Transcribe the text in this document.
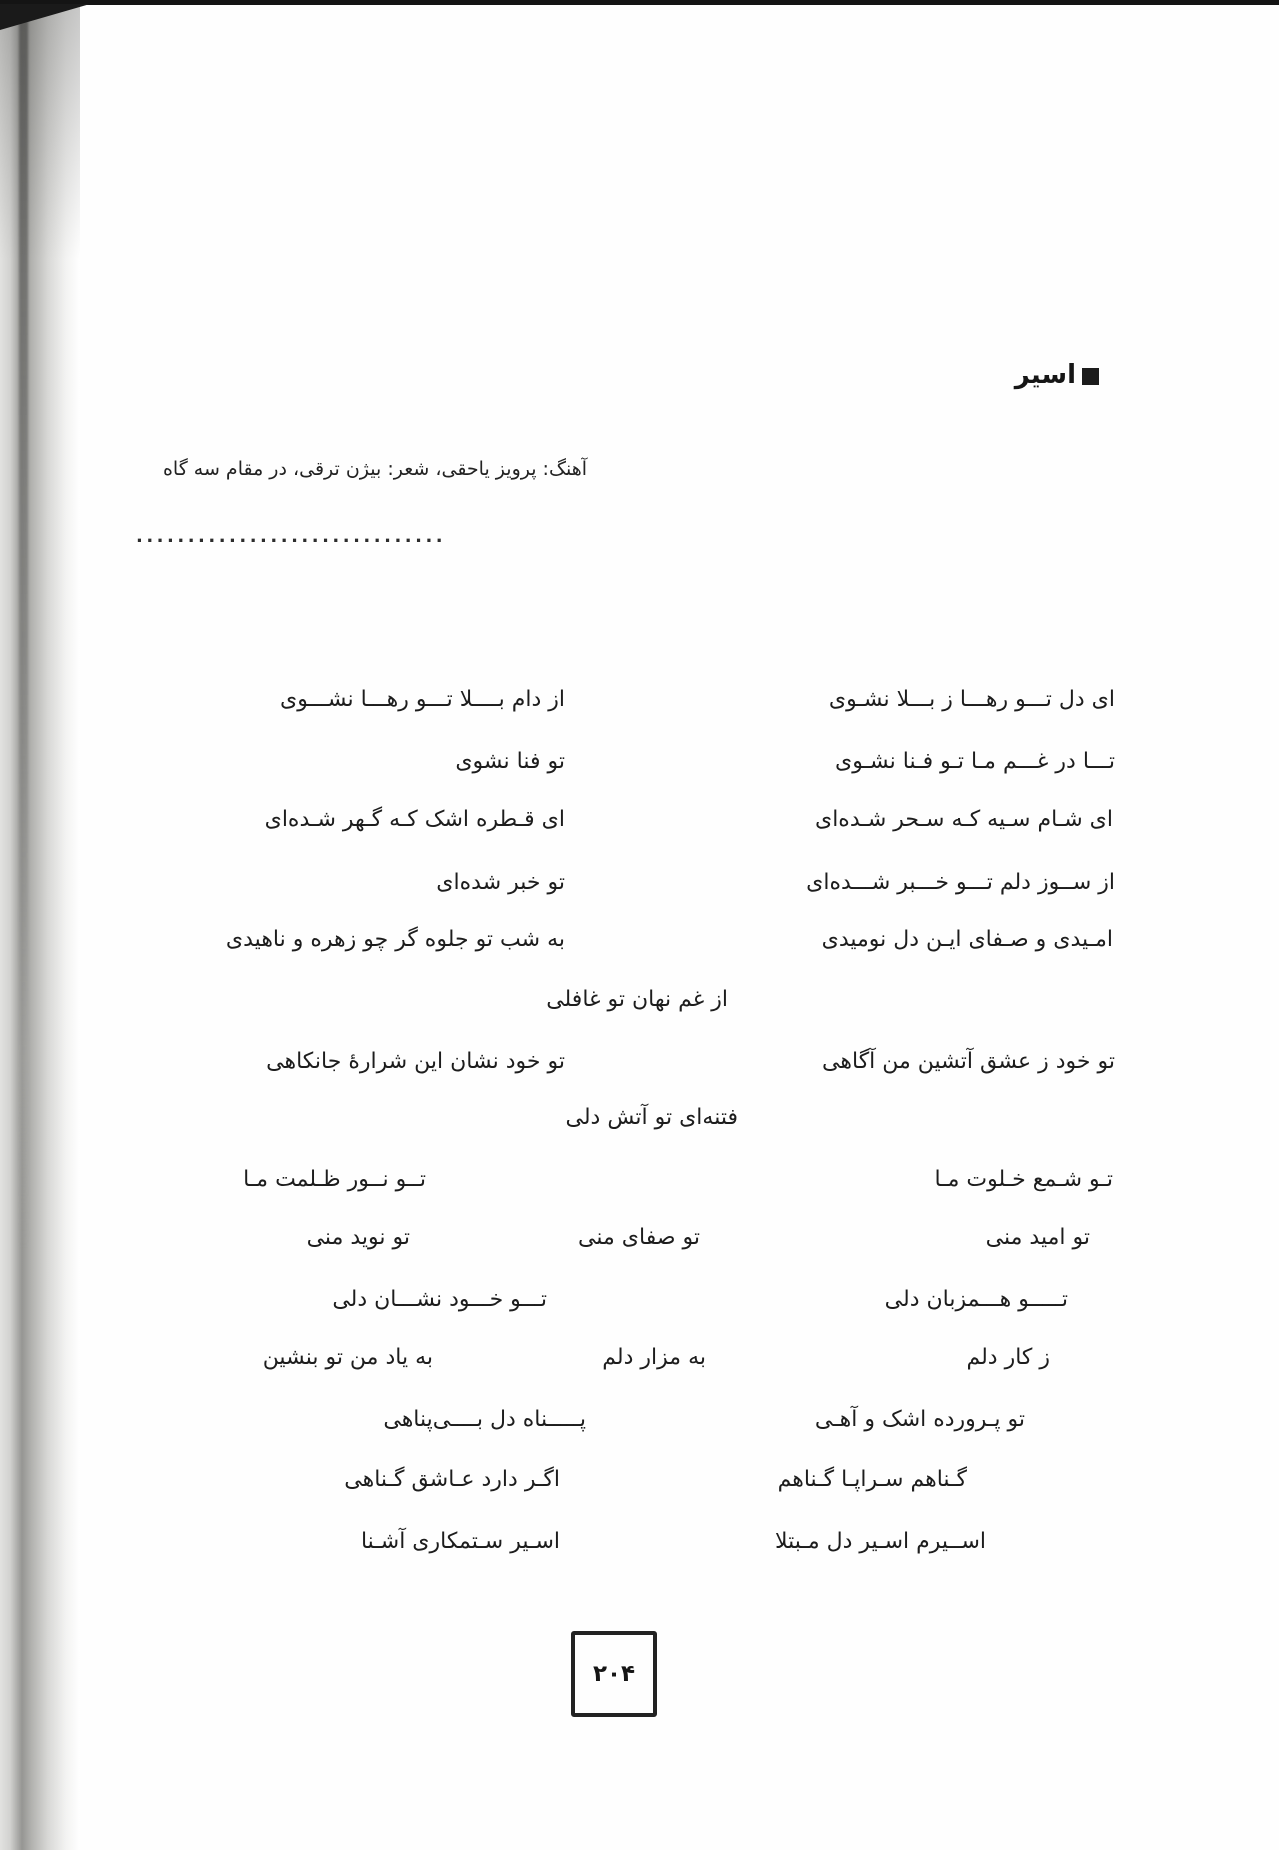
اسیر
آهنگ: پرویز یاحقی، شعر: بیژن ترقی، در مقام سه گاه
..............................
ای دل تـــو رهـــا ز بـــلا نشـوی
از دام بــــلا تـــو رهـــا نشـــوی
تـــا در غـــم مـا تـو فـنا نشـوی
تو فنا نشوی
ای شـام سـیه کـه سـحر شـده‌ای
ای قـطره اشک کـه گـهر شـده‌ای
از ســوز دلم تـــو خـــبر شـــده‌ای
تو خبر شده‌ای
امـیدی و صـفای ایـن دل نومیدی
به شب تو جلوه گر چو زهره و ناهیدی
از غم نهان تو غافلی
تو خود ز عشق آتشین من آگاهی
تو خود نشان این شرارهٔ جانکاهی
فتنه‌ای تو آتش دلی
تـو شـمع خـلوت مـا
تــو نــور ظـلمت مـا
تو امید منی
تو صفای منی
تو نوید منی
تـــــو هـــمزبان دلی
تـــو خـــود نشـــان دلی
ز کار دلم
به مزار دلم
به یاد من تو بنشین
تو پـرورده اشک و آهـی
پـــــناه دل بــــی‌پناهی
گـناهم سـراپـا گـناهم
اگـر دارد عـاشق گـناهی
اســیرم اسـیر دل مـبتلا
اسـیر سـتمکاری آشـنا
۲۰۴
